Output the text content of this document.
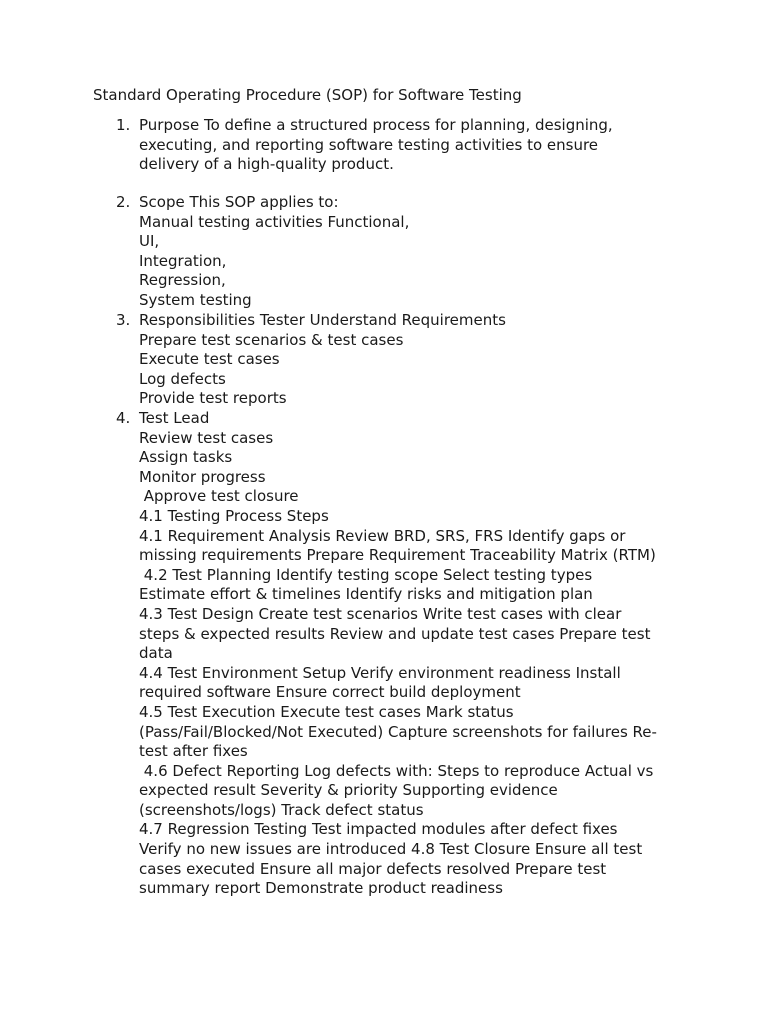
Standard Operating Procedure (SOP) for Software Testing
1. Purpose To define a structured process for planning, designing,
executing, and reporting software testing activities to ensure
delivery of a high-quality product.
2. Scope This SOP applies to:
Manual testing activities Functional,
UI,
Integration,
Regression,
System testing
3. Responsibilities Tester Understand Requirements
Prepare test scenarios & test cases
Execute test cases
Log defects
Provide test reports
4. Test Lead
Review test cases
Assign tasks
Monitor progress
Approve test closure
4.1 Testing Process Steps
4.1 Requirement Analysis Review BRD, SRS, FRS Identify gaps or
missing requirements Prepare Requirement Traceability Matrix (RTM)
4.2 Test Planning Identify testing scope Select testing types
Estimate effort & timelines Identify risks and mitigation plan
4.3 Test Design Create test scenarios Write test cases with clear
steps & expected results Review and update test cases Prepare test
data
4.4 Test Environment Setup Verify environment readiness Install
required software Ensure correct build deployment
4.5 Test Execution Execute test cases Mark status
(Pass/Fail/Blocked/Not Executed) Capture screenshots for failures Re-
test after fixes
4.6 Defect Reporting Log defects with: Steps to reproduce Actual vs
expected result Severity & priority Supporting evidence
(screenshots/logs) Track defect status
4.7 Regression Testing Test impacted modules after defect fixes
Verify no new issues are introduced 4.8 Test Closure Ensure all test
cases executed Ensure all major defects resolved Prepare test
summary report Demonstrate product readiness
